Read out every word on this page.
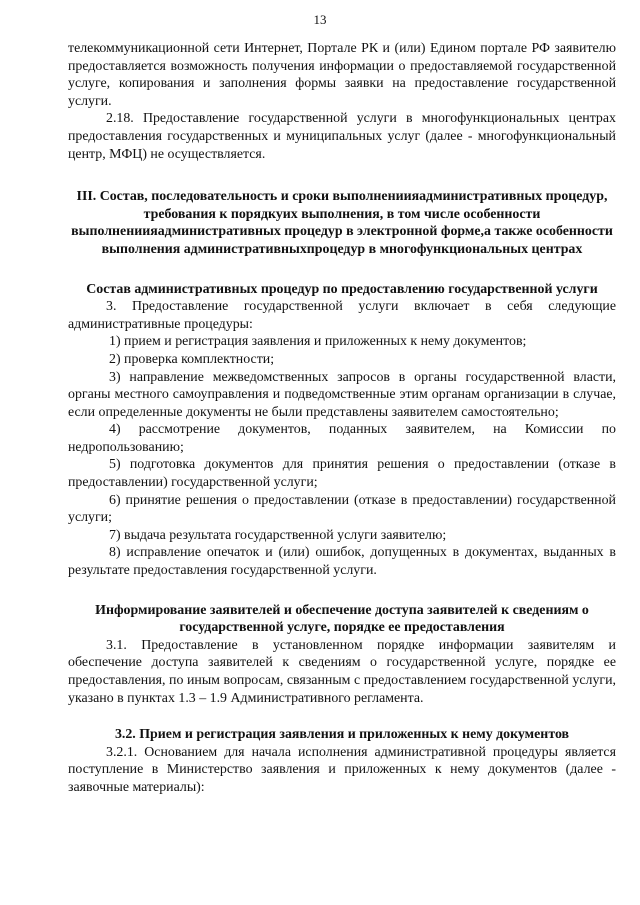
13

телекоммуникационной сети Интернет, Портале РК и (или) Едином портале РФ заявителю предоставляется возможность получения информации о предоставляемой государственной услуге, копирования и заполнения формы заявки на предоставление государственной услуги.

2.18. Предоставление государственной услуги в многофункциональных центрах предоставления государственных и муниципальных услуг (далее - многофункциональный центр, МФЦ) не осуществляется.

III. Состав, последовательность и сроки выполнениияадминистративных процедур, требования к порядкуих выполнения, в том числе особенности выполнениияадминистративных процедур в электронной форме,а также особенности выполнения административныхпроцедур в многофункциональных центрах
Состав административных процедур по предоставлению государственной услуги

3. Предоставление государственной услуги включает в себя следующие административные процедуры:

1) прием и регистрация заявления и приложенных к нему документов;

2) проверка комплектности;

3) направление межведомственных запросов в органы государственной власти, органы местного самоуправления и подведомственные этим органам организации в случае, если определенные документы не были представлены заявителем самостоятельно;

4) рассмотрение документов, поданных заявителем, на Комиссии по недропользованию;

5) подготовка документов для принятия решения о предоставлении (отказе в предоставлении) государственной услуги;

6) принятие решения о предоставлении (отказе в предоставлении) государственной услуги;

7) выдача результата государственной услуги заявителю;

8) исправление опечаток и (или) ошибок, допущенных в документах, выданных в результате предоставления государственной услуги.

Информирование заявителей и обеспечение доступа заявителей к сведениям о государственной услуге, порядке ее предоставления

3.1. Предоставление в установленном порядке информации заявителям и обеспечение доступа заявителей к сведениям о государственной услуге, порядке ее предоставления, по иным вопросам, связанным с предоставлением государственной услуги, указано в пунктах 1.3 – 1.9 Административного регламента.

3.2. Прием и регистрация заявления и приложенных к нему документов

3.2.1. Основанием для начала исполнения административной процедуры является поступление в Министерство заявления и приложенных к нему документов (далее - заявочные материалы):
